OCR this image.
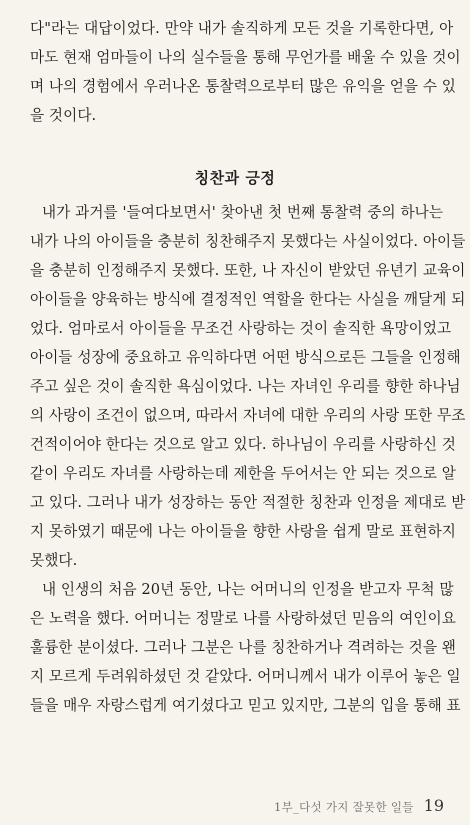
다"라는 대답이었다. 만약 내가 솔직하게 모든 것을 기록한다면, 아
마도 현재 엄마들이 나의 실수들을 통해 무언가를 배울 수 있을 것이
며 나의 경험에서 우러나온 통찰력으로부터 많은 유익을 얻을 수 있
을 것이다.
칭찬과 긍정
내가 과거를 '들여다보면서' 찾아낸 첫 번째 통찰력 중의 하나는
내가 나의 아이들을 충분히 칭찬해주지 못했다는 사실이었다. 아이들
을 충분히 인정해주지 못했다. 또한, 나 자신이 받았던 유년기 교육이
아이들을 양육하는 방식에 결정적인 역할을 한다는 사실을 깨달게 되
었다. 엄마로서 아이들을 무조건 사랑하는 것이 솔직한 욕망이었고
아이들 성장에 중요하고 유익하다면 어떤 방식으로든 그들을 인정해
주고 싶은 것이 솔직한 욕심이었다. 나는 자녀인 우리를 향한 하나님
의 사랑이 조건이 없으며, 따라서 자녀에 대한 우리의 사랑 또한 무조
건적이어야 한다는 것으로 알고 있다. 하나님이 우리를 사랑하신 것
같이 우리도 자녀를 사랑하는데 제한을 두어서는 안 되는 것으로 알
고 있다. 그러나 내가 성장하는 동안 적절한 칭찬과 인정을 제대로 받
지 못하였기 때문에 나는 아이들을 향한 사랑을 쉽게 말로 표현하지
못했다.
내 인생의 처음 20년 동안, 나는 어머니의 인정을 받고자 무척 많
은 노력을 했다. 어머니는 정말로 나를 사랑하셨던 믿음의 여인이요
훌륭한 분이셨다. 그러나 그분은 나를 칭찬하거나 격려하는 것을 왠
지 모르게 두려워하셨던 것 같았다. 어머니께서 내가 이루어 놓은 일
들을 매우 자랑스럽게 여기셨다고 믿고 있지만, 그분의 입을 통해 표
1부_다섯 가지 잘못한 일들 19
